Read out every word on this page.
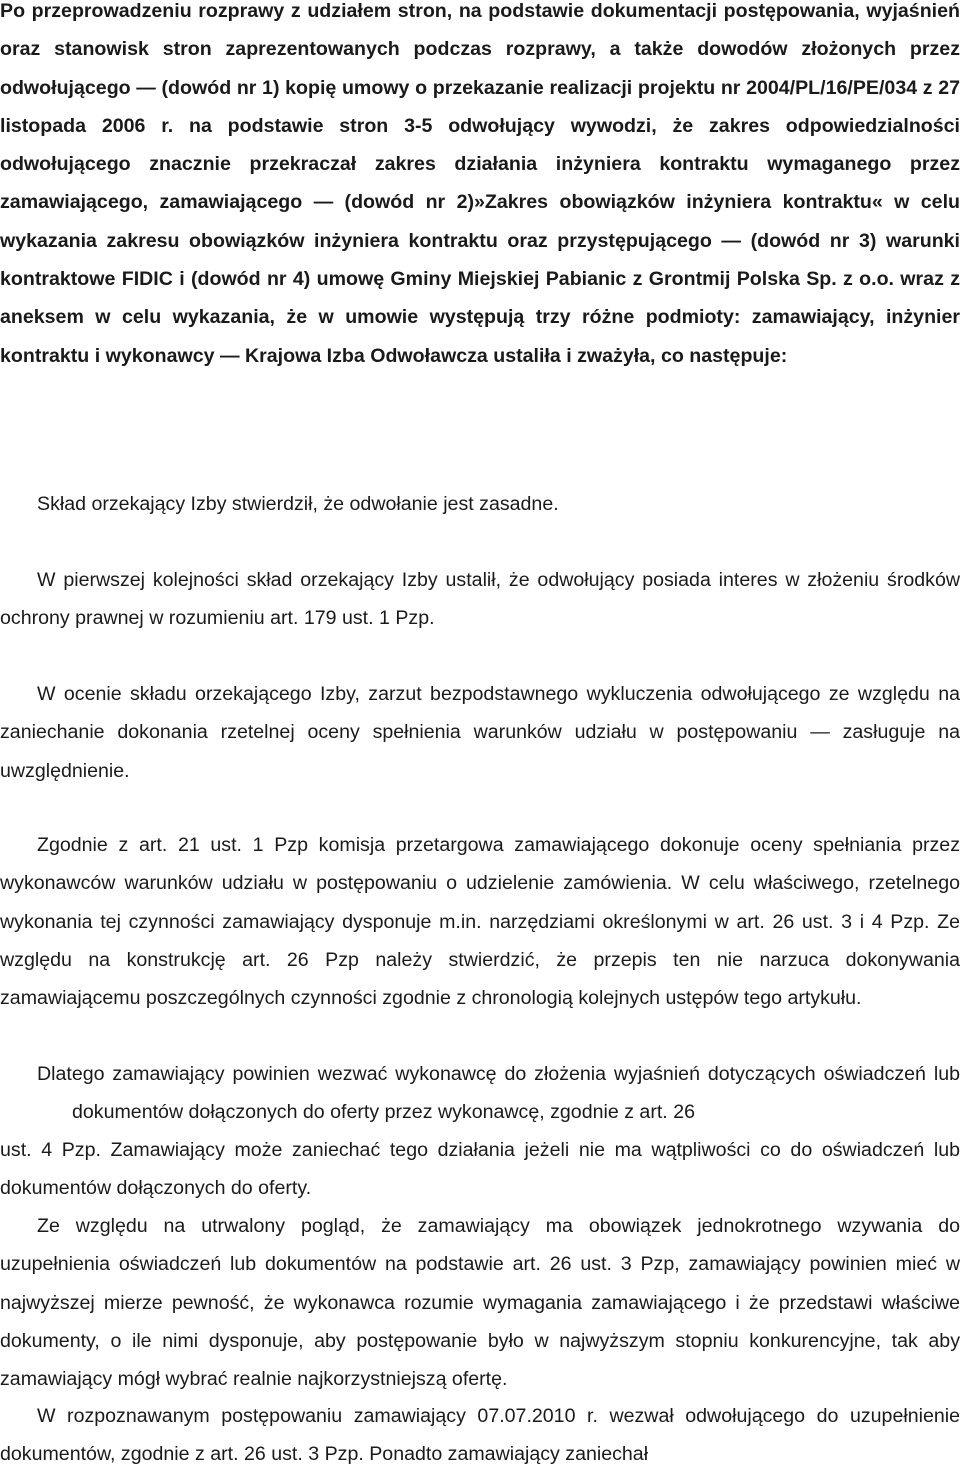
Po przeprowadzeniu rozprawy z udziałem stron, na podstawie dokumentacji postępowania, wyjaśnień oraz stanowisk stron zaprezentowanych podczas rozprawy, a także dowodów złożonych przez odwołującego — (dowód nr 1) kopię umowy o przekazanie realizacji projektu nr 2004/PL/16/PE/034 z 27 listopada 2006 r. na podstawie stron 3-5 odwołujący wywodzi, że zakres odpowiedzialności odwołującego znacznie przekraczał zakres działania inżyniera kontraktu wymaganego przez zamawiającego, zamawiającego — (dowód nr 2)»Zakres obowiązków inżyniera kontraktu« w celu wykazania zakresu obowiązków inżyniera kontraktu oraz przystępującego — (dowód nr 3) warunki kontraktowe FIDIC i (dowód nr 4) umowę Gminy Miejskiej Pabianic z Grontmij Polska Sp. z o.o. wraz z aneksem w celu wykazania, że w umowie występują trzy różne podmioty: zamawiający, inżynier kontraktu i wykonawcy — Krajowa Izba Odwoławcza ustaliła i zważyła, co następuje:

Skład orzekający Izby stwierdził, że odwołanie jest zasadne.

W pierwszej kolejności skład orzekający Izby ustalił, że odwołujący posiada interes w złożeniu środków ochrony prawnej w rozumieniu art. 179 ust. 1 Pzp.

W ocenie składu orzekającego Izby, zarzut bezpodstawnego wykluczenia odwołującego ze względu na zaniechanie dokonania rzetelnej oceny spełnienia warunków udziału w postępowaniu — zasługuje na uwzględnienie.

Zgodnie z art. 21 ust. 1 Pzp komisja przetargowa zamawiającego dokonuje oceny spełniania przez wykonawców warunków udziału w postępowaniu o udzielenie zamówienia. W celu właściwego, rzetelnego wykonania tej czynności zamawiający dysponuje m.in. narzędziami określonymi w art. 26 ust. 3 i 4 Pzp. Ze względu na konstrukcję art. 26 Pzp należy stwierdzić, że przepis ten nie narzuca dokonywania zamawiającemu poszczególnych czynności zgodnie z chronologią kolejnych ustępów tego artykułu.

Dlatego zamawiający powinien wezwać wykonawcę do złożenia wyjaśnień dotyczących oświadczeń lub dokumentów dołączonych do oferty przez wykonawcę, zgodnie z art. 26

ust. 4 Pzp. Zamawiający może zaniechać tego działania jeżeli nie ma wątpliwości co do oświadczeń lub dokumentów dołączonych do oferty.

Ze względu na utrwalony pogląd, że zamawiający ma obowiązek jednokrotnego wzywania do uzupełnienia oświadczeń lub dokumentów na podstawie art. 26 ust. 3 Pzp, zamawiający powinien mieć w najwyższej mierze pewność, że wykonawca rozumie wymagania zamawiającego i że przedstawi właściwe dokumenty, o ile nimi dysponuje, aby postępowanie było w najwyższym stopniu konkurencyjne, tak aby zamawiający mógł wybrać realnie najkorzystniejszą ofertę.

W rozpoznawanym postępowaniu zamawiający 07.07.2010 r. wezwał odwołującego do uzupełnienie dokumentów, zgodnie z art. 26 ust. 3 Pzp. Ponadto zamawiający zaniechał
